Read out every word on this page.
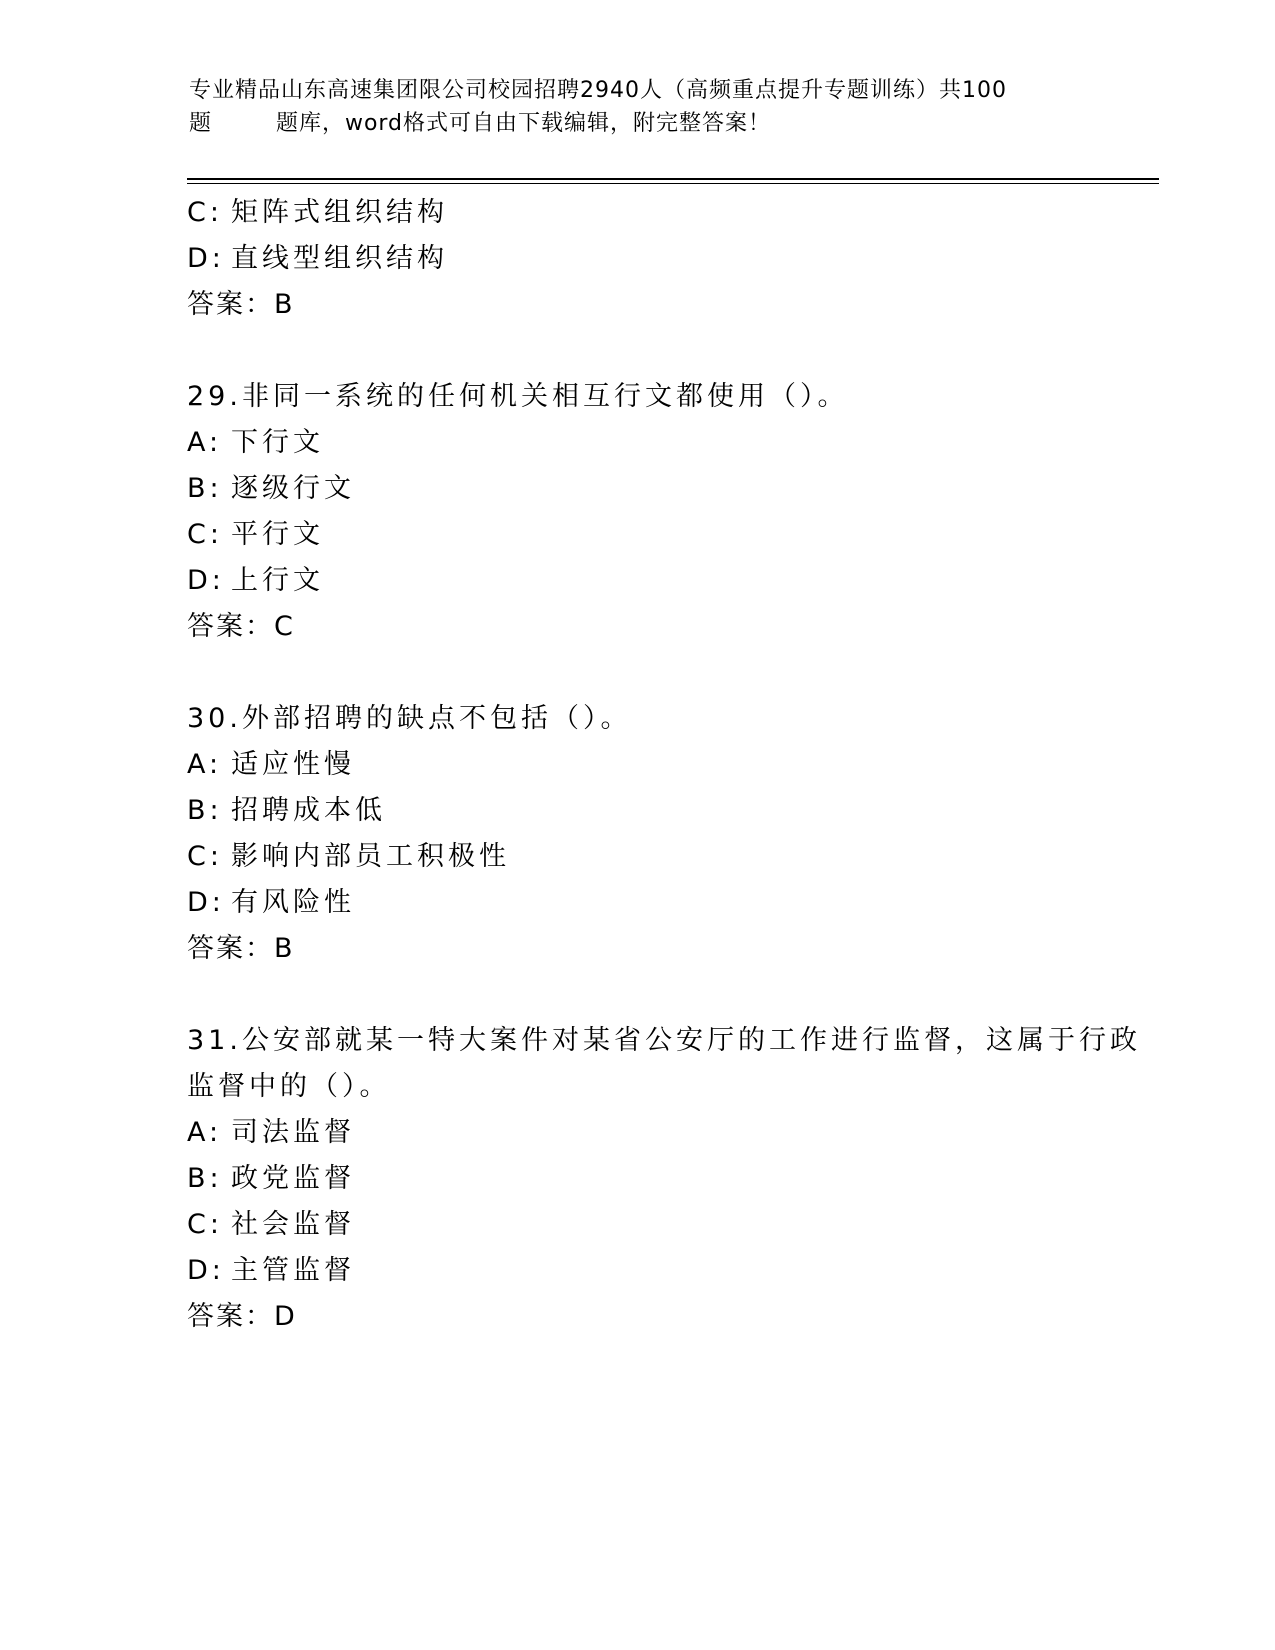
专业精品山东高速集团限公司校园招聘2940人（高频重点提升专题训练）共100
题        题库，word格式可自由下载编辑，附完整答案！
C: 矩阵式组织结构
D: 直线型组织结构
答案：B
29.非同一系统的任何机关相互行文都使用（）。
A: 下行文
B: 逐级行文
C: 平行文
D: 上行文
答案：C
30.外部招聘的缺点不包括（）。
A: 适应性慢
B: 招聘成本低
C: 影响内部员工积极性
D: 有风险性
答案：B
31.公安部就某一特大案件对某省公安厅的工作进行监督，这属于行政
监督中的（）。
A: 司法监督
B: 政党监督
C: 社会监督
D: 主管监督
答案：D
